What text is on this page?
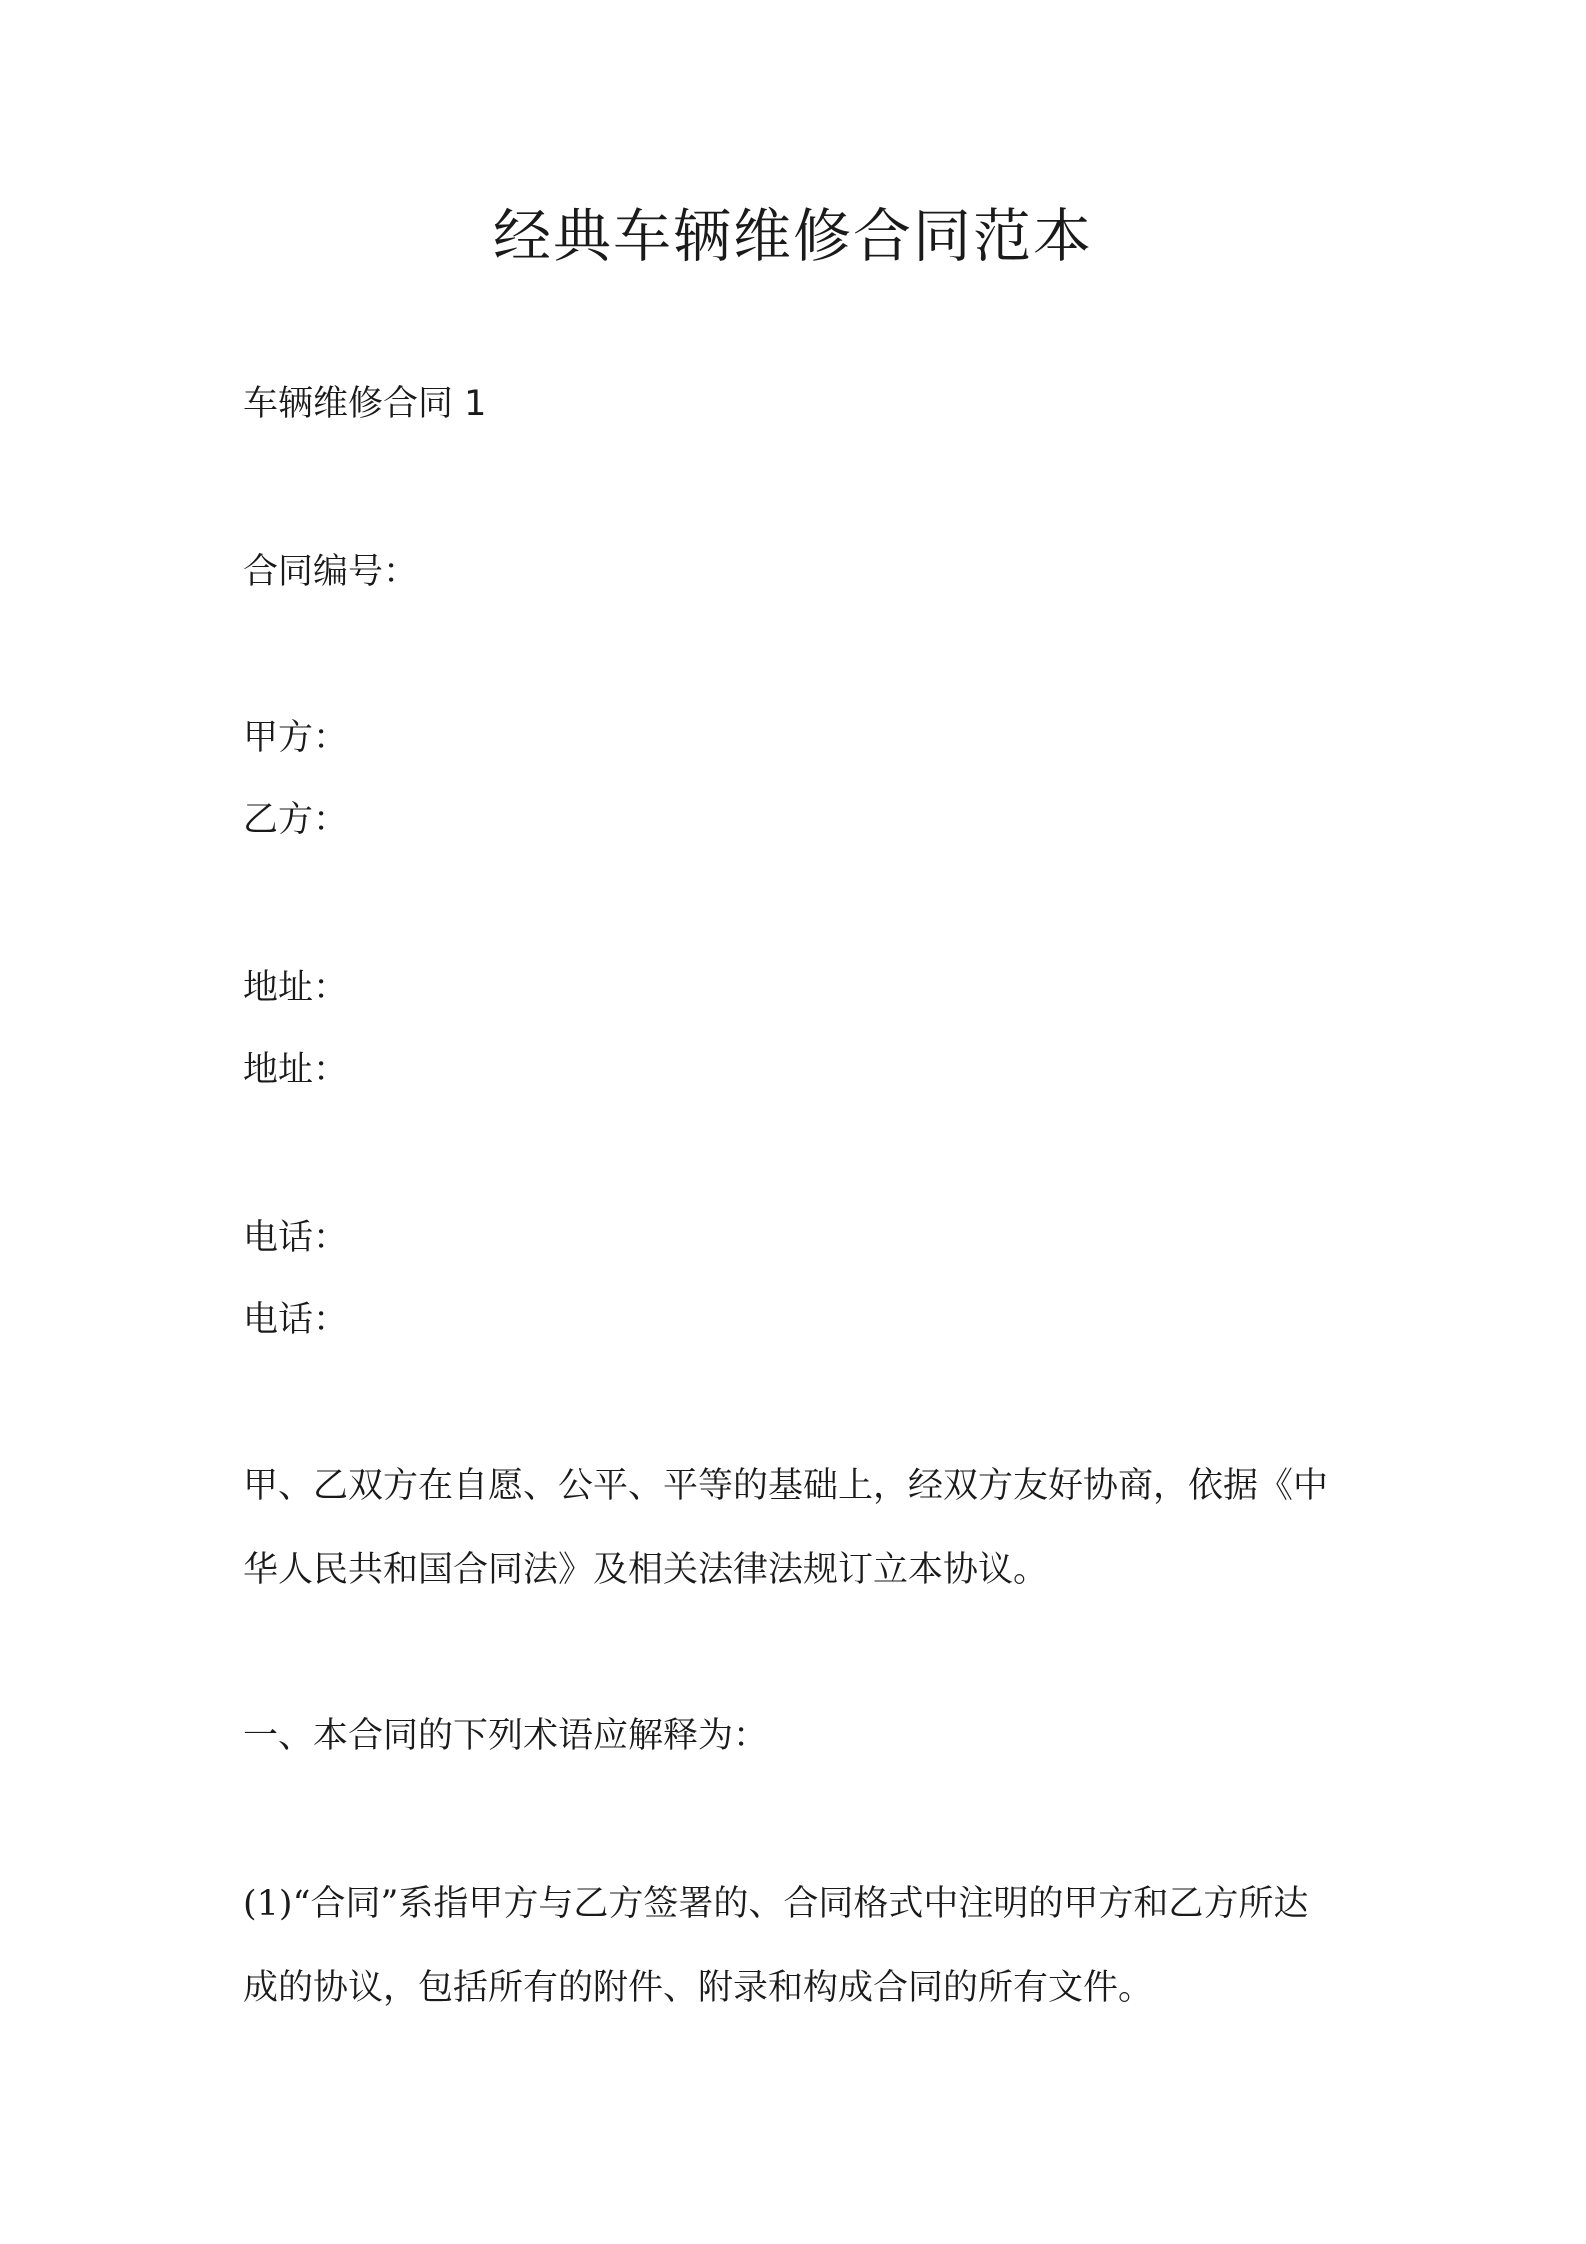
经典车辆维修合同范本
车辆维修合同 1
合同编号：
甲方：
乙方：
地址：
地址：
电话：
电话：
甲、乙双方在自愿、公平、平等的基础上，经双方友好协商，依据《中
华人民共和国合同法》及相关法律法规订立本协议。
一、本合同的下列术语应解释为：
(1)“合同”系指甲方与乙方签署的、合同格式中注明的甲方和乙方所达
成的协议，包括所有的附件、附录和构成合同的所有文件。
